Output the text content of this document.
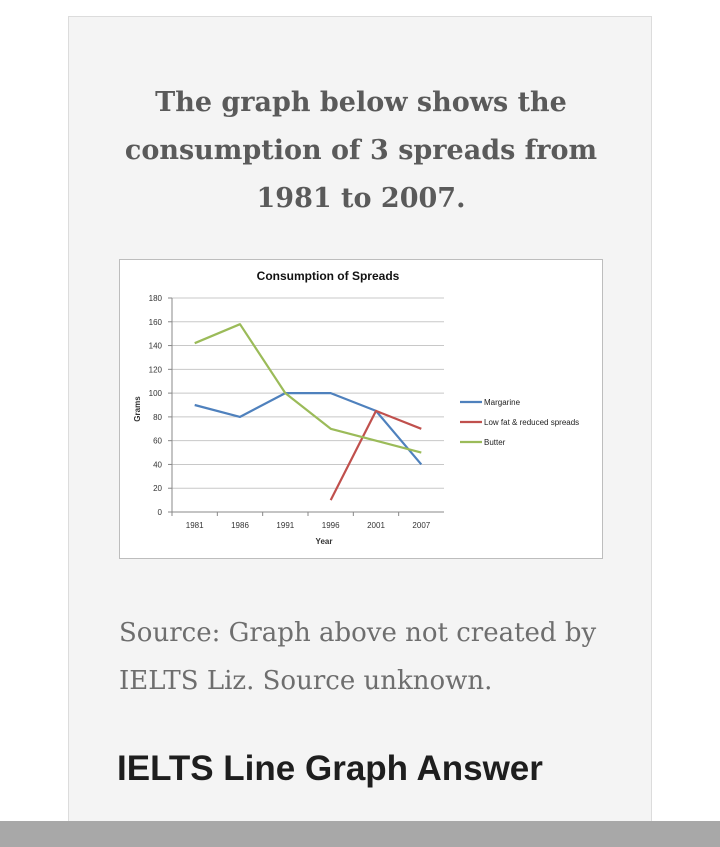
The graph below shows the
consumption of 3 spreads from
1981 to 2007.
Consumption of Spreads
0
20
40
60
80
100
120
140
160
180
1981	1986	1991	1996	2001	2007
Year
Grams	Margarine
Low fat & reduced spreads
Butter
Source: Graph above not created by
IELTS Liz. Source unknown.
IELTS Line Graph Answer
